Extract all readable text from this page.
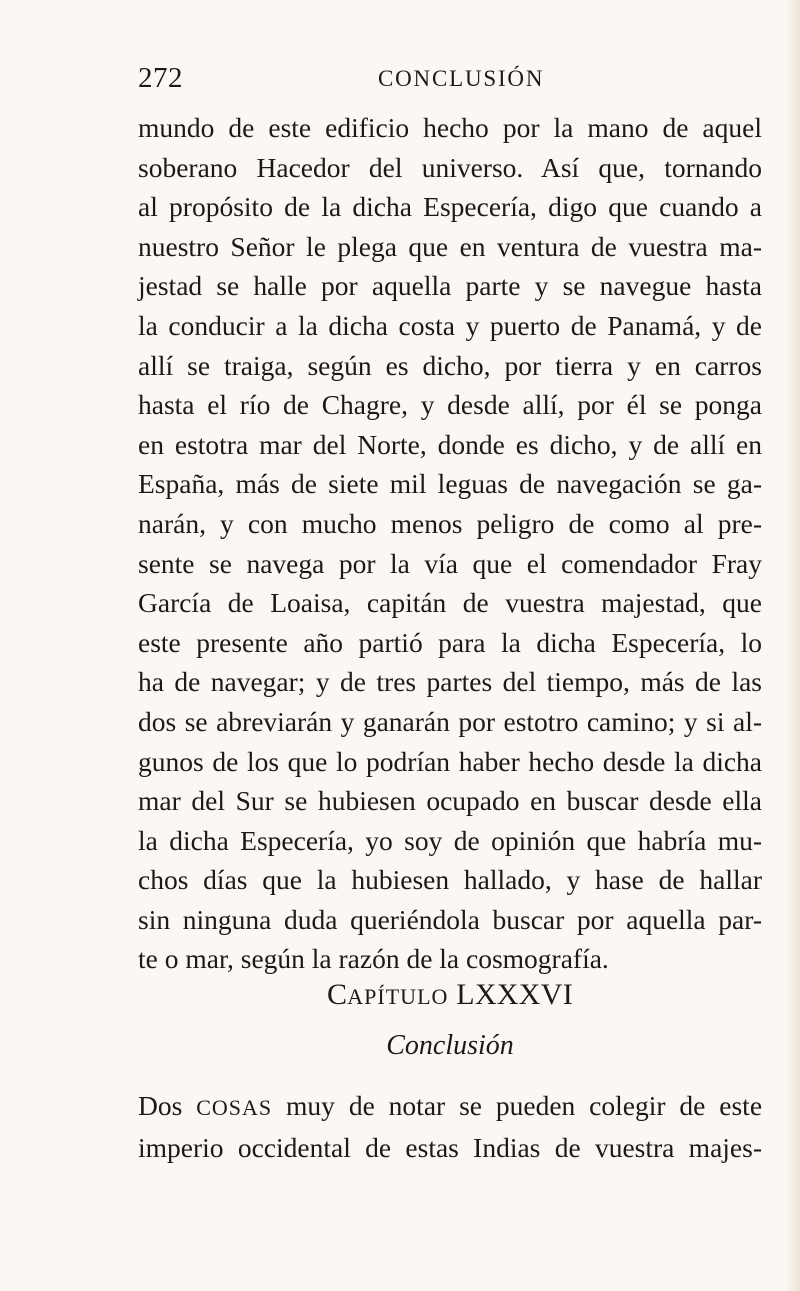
272	CONCLUSIÓN
mundo de este edificio hecho por la mano de aquel
soberano Hacedor del universo. Así que, tornando
al propósito de la dicha Especería, digo que cuando a
nuestro Señor le plega que en ventura de vuestra ma-
jestad se halle por aquella parte y se navegue hasta
la conducir a la dicha costa y puerto de Panamá, y de
allí se traiga, según es dicho, por tierra y en carros
hasta el río de Chagre, y desde allí, por él se ponga
en estotra mar del Norte, donde es dicho, y de allí en
España, más de siete mil leguas de navegación se ga-
narán, y con mucho menos peligro de como al pre-
sente se navega por la vía que el comendador Fray
García de Loaisa, capitán de vuestra majestad, que
este presente año partió para la dicha Especería, lo
ha de navegar; y de tres partes del tiempo, más de las
dos se abreviarán y ganarán por estotro camino; y si al-
gunos de los que lo podrían haber hecho desde la dicha
mar del Sur se hubiesen ocupado en buscar desde ella
la dicha Especería, yo soy de opinión que habría mu-
chos días que la hubiesen hallado, y hase de hallar
sin ninguna duda queriéndola buscar por aquella par-
te o mar, según la razón de la cosmografía.
CAPÍTULO LXXXVI
Conclusión
Dos COSAS muy de notar se pueden colegir de este
imperio occidental de estas Indias de vuestra majes-
